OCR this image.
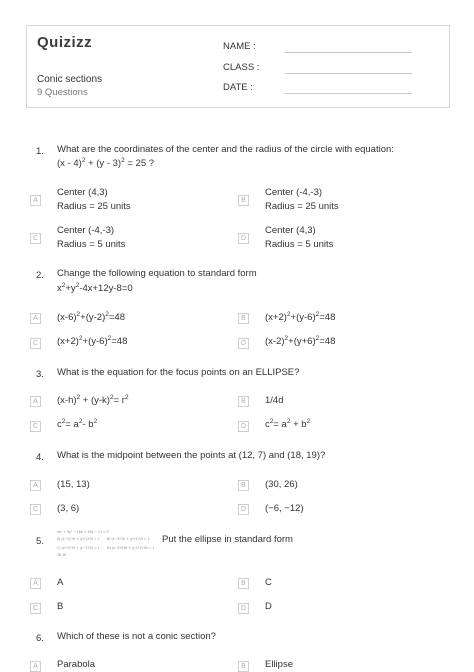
Quizizz
Conic sections
9 Questions
NAME :
CLASS :
DATE :
1. What are the coordinates of the center and the radius of the circle with equation:
(x - 4)$^2$ + (y - 3)$^2$ = 25 ?
A
Center (4,3)
Radius = 25 units
B
Center (-4,-3)
Radius = 25 units
C
Center (-4,-3)
Radius = 5 units
D
Center (4,3)
Radius = 5 units
2. Change the following equation to standard form
$x^2+y^2-4x+12y-8=0$
A	$(x-6)^2+(y-2)^2=48$	B	$(x+2)^2+(y-6)^2=48$
C	$(x+2)^2+(y-6)^2=48$	D	$(x-2)^2+(y+6)^2=48$
3. What is the equation for the focus points on an ELLIPSE?
A	$(x-h)^2 + (y-k)^2= r^2$
B	1/4d
C	$c^2= a^2-$ $b^2$
D	$c^2= a^2 + b^2$
4. What is the midpoint between the points at (12, 7) and (18, 19)?
A	(15, 13)	B	(30, 26)
C	(3, 6)	D	(−6, −12)
5.
4x² + 9y² − 16x + 18y − 11 = 0
A) (x−2)²/9 + (y+1)²/4 = 1 B) (x−2)²/4 + (y+1)²/9 = 1
C) (x+2)²/9 + (y−1)²/4 = 1 D) (x−2)²/36 + (y+1)²/16 = 1
36 16
Put the ellipse in standard form
A	A	B	C
C	B	D	D
6. Which of these is not a conic section?
A	Parabola	B	Ellipse
